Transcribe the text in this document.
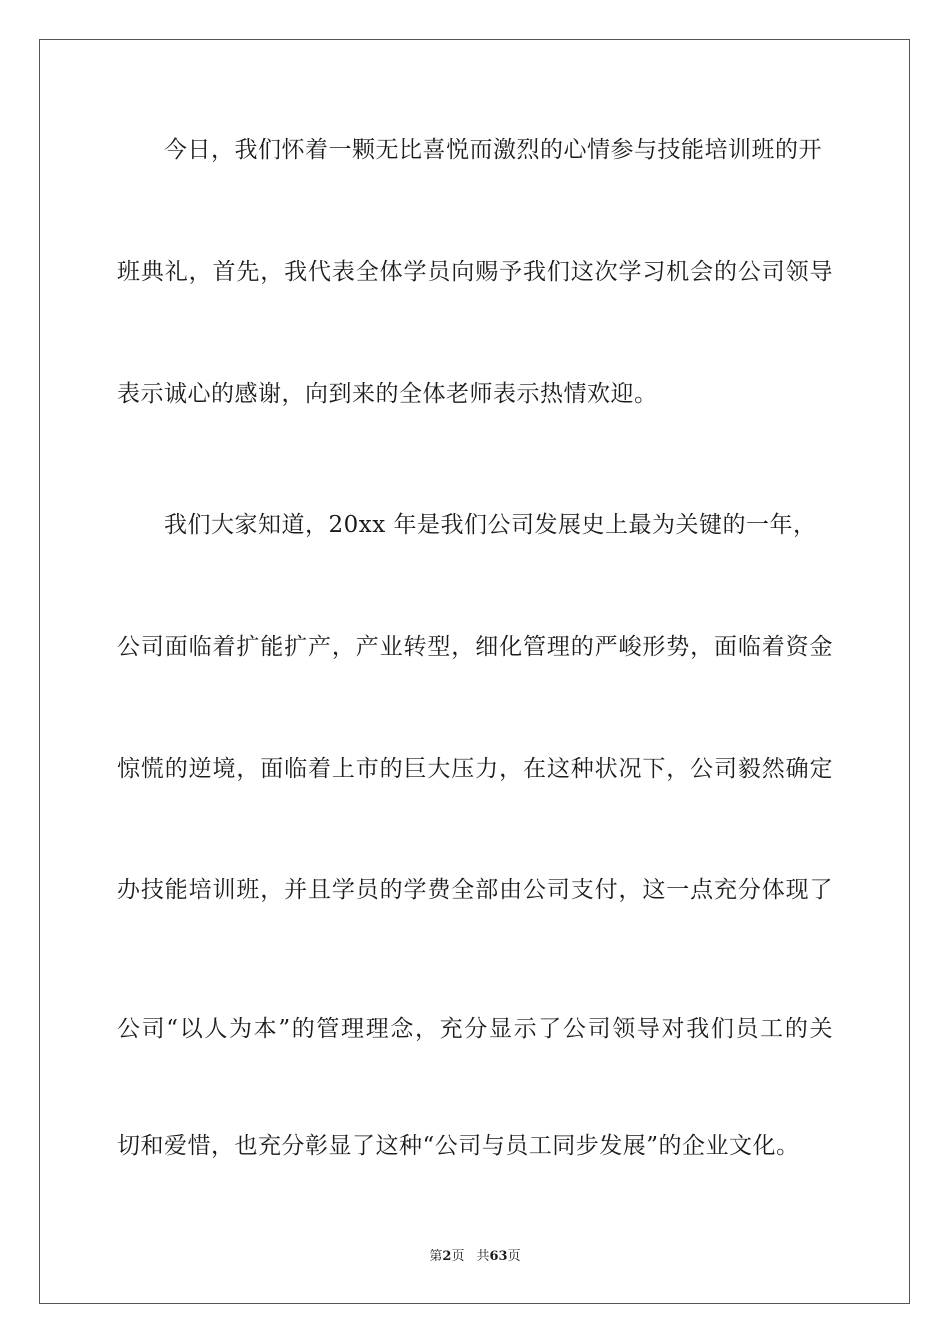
今日，我们怀着一颗无比喜悦而激烈的心情参与技能培训班的开
班典礼，首先，我代表全体学员向赐予我们这次学习机会的公司领导
表示诚心的感谢，向到来的全体老师表示热情欢迎。
我们大家知道，20xx 年是我们公司发展史上最为关键的一年，
公司面临着扩能扩产，产业转型，细化管理的严峻形势，面临着资金
惊慌的逆境，面临着上市的巨大压力，在这种状况下，公司毅然确定
办技能培训班，并且学员的学费全部由公司支付，这一点充分体现了
公司“以人为本”的管理理念，充分显示了公司领导对我们员工的关
切和爱惜，也充分彰显了这种“公司与员工同步发展”的企业文化。
第2页 共63页
